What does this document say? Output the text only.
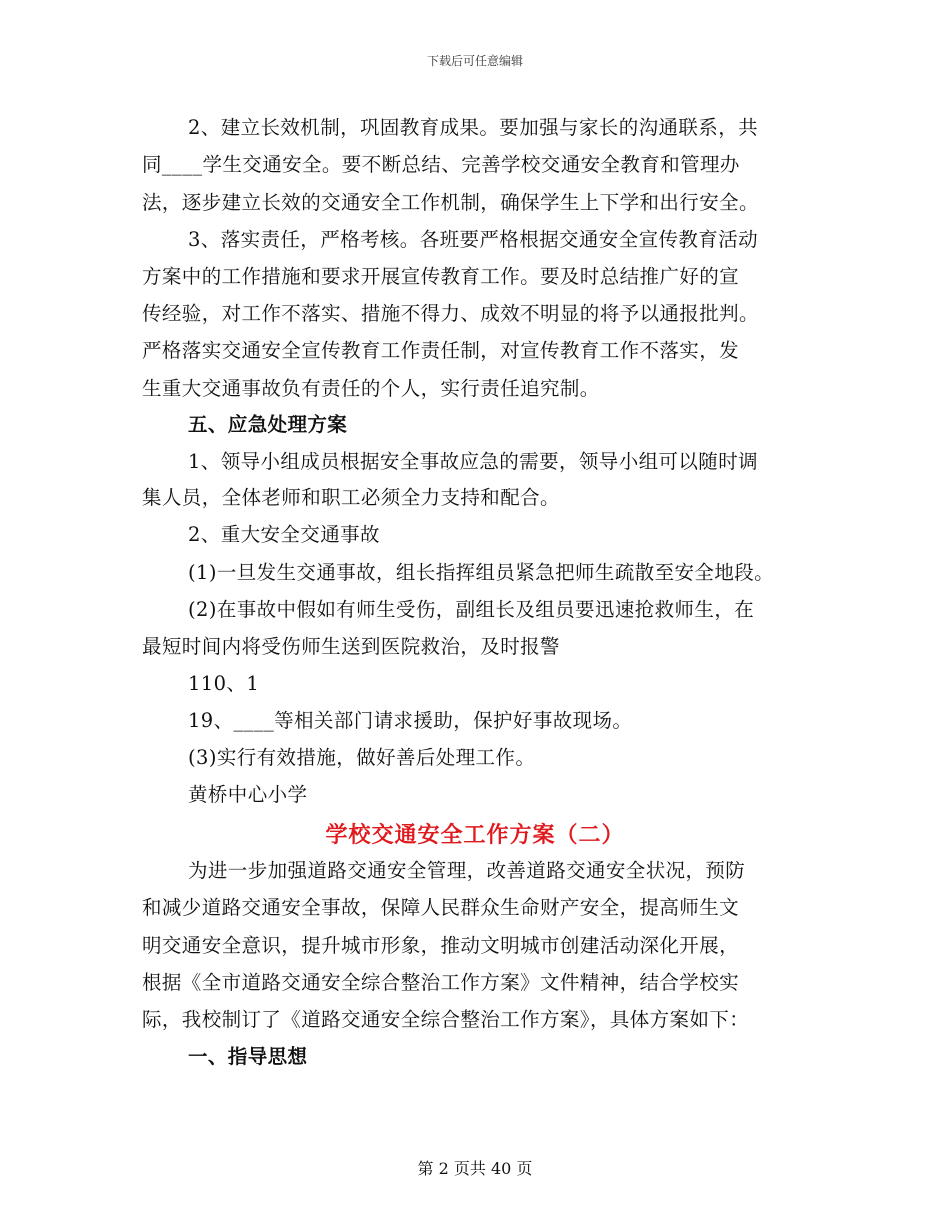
下载后可任意编辑
2、建立长效机制，巩固教育成果。要加强与家长的沟通联系，共
同____学生交通安全。要不断总结、完善学校交通安全教育和管理办
法，逐步建立长效的交通安全工作机制，确保学生上下学和出行安全。
3、落实责任，严格考核。各班要严格根据交通安全宣传教育活动
方案中的工作措施和要求开展宣传教育工作。要及时总结推广好的宣
传经验，对工作不落实、措施不得力、成效不明显的将予以通报批判。
严格落实交通安全宣传教育工作责任制，对宣传教育工作不落实，发
生重大交通事故负有责任的个人，实行责任追究制。
五、应急处理方案
1、领导小组成员根据安全事故应急的需要，领导小组可以随时调
集人员，全体老师和职工必须全力支持和配合。
2、重大安全交通事故
(1)一旦发生交通事故，组长指挥组员紧急把师生疏散至安全地段。
(2)在事故中假如有师生受伤，副组长及组员要迅速抢救师生，在
最短时间内将受伤师生送到医院救治，及时报警
110、1
19、____等相关部门请求援助，保护好事故现场。
(3)实行有效措施，做好善后处理工作。
黄桥中心小学
学校交通安全工作方案（二）
为进一步加强道路交通安全管理，改善道路交通安全状况，预防
和减少道路交通安全事故，保障人民群众生命财产安全，提高师生文
明交通安全意识，提升城市形象，推动文明城市创建活动深化开展，
根据《全市道路交通安全综合整治工作方案》文件精神，结合学校实
际，我校制订了《道路交通安全综合整治工作方案》，具体方案如下：
一、指导思想
第 2 页共 40 页
